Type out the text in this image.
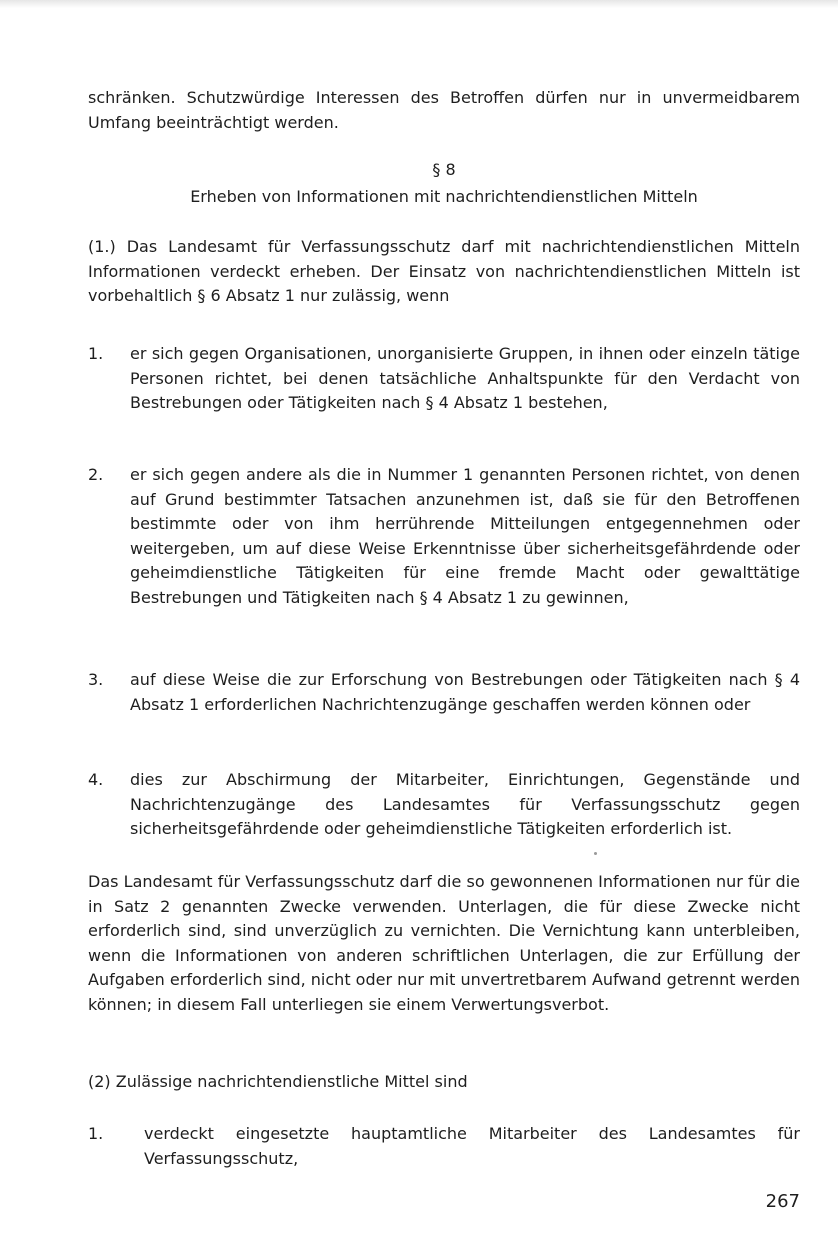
schränken. Schutzwürdige Interessen des Betroffen dürfen nur in unvermeidbarem Umfang beeinträchtigt werden.

§ 8

Erheben von Informationen mit nachrichtendienstlichen Mitteln

(1.) Das Landesamt für Verfassungsschutz darf mit nachrichtendienstlichen Mitteln Informationen verdeckt erheben. Der Einsatz von nachrichtendienstlichen Mitteln ist vorbehaltlich § 6 Absatz 1 nur zulässig, wenn

1. er sich gegen Organisationen, unorganisierte Gruppen, in ihnen oder einzeln tätige Personen richtet, bei denen tatsächliche Anhaltspunkte für den Verdacht von Bestrebungen oder Tätigkeiten nach § 4 Absatz 1 bestehen,
2. er sich gegen andere als die in Nummer 1 genannten Personen richtet, von denen auf Grund bestimmter Tatsachen anzunehmen ist, daß sie für den Betroffenen bestimmte oder von ihm herrührende Mitteilungen entgegennehmen oder weitergeben, um auf diese Weise Erkenntnisse über sicherheitsgefährdende oder geheimdienstliche Tätigkeiten für eine fremde Macht oder gewalttätige Bestrebungen und Tätigkeiten nach § 4 Absatz 1 zu gewinnen,
3. auf diese Weise die zur Erforschung von Bestrebungen oder Tätigkeiten nach § 4 Absatz 1 erforderlichen Nachrichtenzugänge geschaffen werden können oder
4. dies zur Abschirmung der Mitarbeiter, Einrichtungen, Gegenstände und Nachrichtenzugänge des Landesamtes für Verfassungsschutz gegen sicherheitsgefährdende oder geheimdienstliche Tätigkeiten erforderlich ist.

Das Landesamt für Verfassungsschutz darf die so gewonnenen Informationen nur für die in Satz 2 genannten Zwecke verwenden. Unterlagen, die für diese Zwecke nicht erforderlich sind, sind unverzüglich zu vernichten. Die Vernichtung kann unterbleiben, wenn die Informationen von anderen schriftlichen Unterlagen, die zur Erfüllung der Aufgaben erforderlich sind, nicht oder nur mit unvertretbarem Aufwand getrennt werden können; in diesem Fall unterliegen sie einem Verwertungsverbot.

(2) Zulässige nachrichtendienstliche Mittel sind

1.	verdeckt eingesetzte hauptamtliche Mitarbeiter des Landesamtes für Verfassungsschutz,
267
